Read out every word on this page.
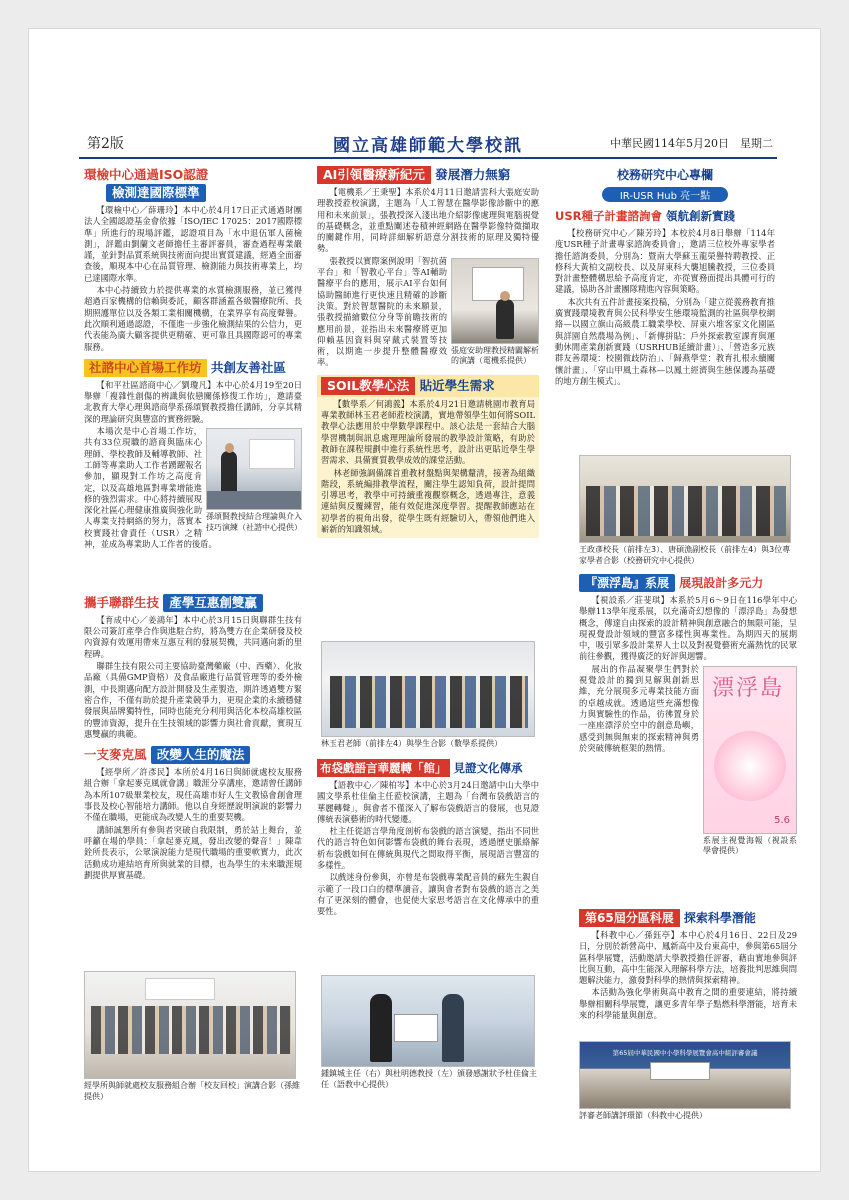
第2版	國立高雄師範大學校訊	中華民國114年5月20日　星期二
環檢中心通過ISO認證
檢測達國際標準

【環檢中心／薛珊玲】本中心於4月17日正式通過財團法人全國認證基金會依據「ISO/IEC 17025：2017國際標準」所進行的現場評鑑，認證項目為「水中退伍軍人菌檢測」，評鑑由劉蘭文老師擔任主審評審員，審查過程專業嚴謹，並針對品質系統與技術面向提出實質建議，經過全面審查後，順現本中心在品質管理、檢測能力與技術專業上，均已達國際水準。

本中心持續致力於提供專業的水質檢測服務，並已獲得超過百家機構的信賴與委託，顧客群涵蓋各級醫療院所、長期照護單位以及各類工業相關機構，在業界享有高度聲譽。此次順利通過認證，不僅進一步強化檢測結果的公信力，更代表能為廣大顧客提供更精確、更可靠且具國際認可的專業服務。

社諮中心首場工作坊 共創友善社區

【和平社區諮商中心／劉瓊凡】本中心於4月19至20日舉辦「複雜性創傷的辨識與依戀關係修復工作坊」，邀請臺北教育大學心理與諮商學系孫頌賢教授擔任講師，分享其精深的理論研究與豐富的實務經驗。

孫頌賢教授結合理論與介入技巧演練（社諮中心提供）

本場次是中心首場工作坊，共有33位現職的諮商與臨床心理師、學校教師及輔導教師、社工師等專業助人工作者踴躍報名參加，顯現對工作坊之高度肯定，以及高雄地區對專業增能進修的強烈需求。中心將持續展現深化社區心理健康推廣與強化助人專業支持網絡的努力，落實本校實踐社會責任（USR）之精神，並成為專業助人工作者的後盾。

攜手聯群生技 產學互惠創雙贏

【育成中心／姜鴻年】本中心於3月15日與聯群生技有限公司簽訂產學合作與進駐合約，將為雙方在企業研發及校內資源有效運用帶來互惠互利的發展契機，共同邁向新的里程碑。

聯群生技有限公司主要協助臺灣藥廠（中、西藥）、化妝品廠（具備GMP資格）及食品廠進行品質管理等的委外檢測，中長期邁向配方設計開發及生產製造，期許透過雙方緊密合作，不僅有助於提升產業競爭力，更現企業的永續穩健發展與品牌獨特性，同時也能充分利用與活化本校高雄校區的豐沛資源，提升在生技領域的影響力與社會貢獻，實現互惠雙贏的典範。

一支麥克風 改變人生的魔法

【經學所／許彥民】本所於4月16日與師就處校友服務組合辦「拿起麥克風就會講」職涯分享講座，邀請曾任講師為本所107級畢業校友，現任高雄市好人生文教協會創會理事長及校心智能培力講師。他以自身經歷說明演說的影響力不僅在職場，更能成為改變人生的重要契機。

講師誠懇所有參與者突破自我限制，勇於站上舞台，並呼籲在場的學員：「拿起麥克風，發出改變的聲音！」陳韋銓所長表示，公眾演說能力是現代職場的重要軟實力，此次活動成功連結培育所與就業的目標，也為學生的未來職涯規劃提供厚實基礎。

經學所與師就處校友服務組合辦「校友回校」演講合影（孫維提供）
AI引領醫療新紀元 發展潛力無窮

【電機系／王秉聖】本系於4月11日邀請雲科大張庭安助理教授蒞校演講，主題為「人工智慧在醫學影像診斷中的應用和未來前景」，張教授深入淺出地介紹影像處理與電腦視覺的基礎概念，並重點闡述卷積神經網路在醫學影像特徵擷取的關鍵作用，同時詳細解析語意分割技術的原理及獨特優勢。

張庭安助理教授精闢解析的演講（電機系提供）

張教授以實際案例說明「智抗菌平台」和「智教心平台」等AI輔助醫療平台的應用，展示AI平台如何協助醫師進行更快速且精確的診斷決策。對於智慧醫院的未來願景，張教授描繪數位分身等前瞻技術的應用前景，並指出未來醫療將更加仰賴基因資料與穿戴式裝置等技術，以期進一步提升整體醫療效率。

SOIL教學心法 貼近學生需求

【數學系／何鴻義】本系於4月21日邀請桃園市教育局專業教師林玉君老師蒞校演講，實地帶領學生如何將SOIL教學心法應用於中學數學課程中。該心法是一套結合大腦學習機制與訊息處理理論所發展的教學設計策略，有助於教師在課程規劃中進行系統性思考，設計出更貼近學生學習需求、具備實質教學成效的課堂活動。

林老師強調備課首重教材盤點與架構釐清，接著為組織階段，系統編排教學流程，關注學生認知負荷，設計提問引導思考，教學中可持續重複觀察概念，透過專注，意義連結與反覆練習，能有效促進深度學習。提醒教師應站在初學者的視角出發，從學生既有經驗切入，帶領他們進入嶄新的知識領域。

林玉君老師（前排左4）與學生合影（數學系提供）
布袋戲語言華麗轉「館」 見證文化傳承

【語教中心／陳柏岑】本中心於3月24日邀請中山大學中國文學系杜佳倫主任蒞校演講，主題為「台灣布袋戲語言的華麗轉聲」，與會者不僅深入了解布袋戲語言的發展，也見證傳統表演藝術的時代變遷。

杜主任從語言學角度剖析布袋戲的語言演變，指出不同世代的語言特色如何影響布袋戲的舞台表現，透過歷史脈絡解析布袋戲如何在傳統與現代之間取得平衡，展現語言豐富的多樣性。

以戲迷身份參與，亦曾是布袋戲專業配音員的蘇先生親自示範了一段口白的標準讀音，讓與會者對布袋戲的語言之美有了更深刻的體會，也促使大家思考語言在文化傳承中的重要性。

鍾鎮城主任（右）與杜明德教授（左）頒發感謝狀予杜佳倫主任（語教中心提供）
校務研究中心專欄
IR-USR Hub 亮一點
USR種子計畫諮詢會 領航創新實踐

【校務研究中心／陳芳玲】本校於4月8日舉辦「114年度USR種子計畫專家諮詢委員會」，邀請三位校外專家學者擔任諮詢委員，分別為：暨南大學蘇玉龍榮譽特聘教授、正修科大黃柏文副校長、以及屏東科大襲旭騰教授，三位委員對計畫整體構思給予高度肯定，亦從實務面提出具體可行的建議，協助各計畫團隊精進內容與策略。

本次共有五件計畫接案投稿，分別為「建立從義務教育推廣實踐環境教育與公民科學安生態環境監測的社區與學校網絡—以國立旗山高級農工職業學校、屏東六堆客家文化園區與詳園自然農場為例」、「新傳拼貼：戶外探索教室課育與運動休閒產業創新實踐（USRHUB延續計畫）」、「營造多元族群友善環境：校園微歧防治」、「歸燕學堂：教育扎根永續關懷計畫」、「穿山甲風土森林—以鳳土經濟與生態保護為基礎的地方創生模式」。

王政彥校長（前排左3）、唐碩漁副校長（前排左4）與3位專家學者合影（校務研究中心提供）
『漂浮島』系展 展現設計多元力

【視設系／莊斐琪】本系於5月6～9日在116學年中心舉辦113學年度系展，以充滿奇幻想像的「漂浮島」為發想概念，傳達自由探索的設計精神與創意融合的無限可能，呈現視覺設計領域的豐富多樣性與專業性。為期四天的展期中，吸引眾多設計業界人士以及對視覺藝術充滿熱忱的民眾前往參觀，獲得廣泛的好評與迴響。

漂浮島
5.6
系展主視覺海報（視設系學會提供）

展出的作品凝聚學生們對於視覺設計的獨到見解與創新思維，充分展現多元專業技能方面的卓越成就。透過這些充滿想像力與實驗性的作品，彷彿置身於一座座漂浮於空中的創意島嶼，感受到無與無束的探索精神與勇於突破傳統框架的熱情。

第65屆分區科展 探索科學潛能

【科教中心／孫鈺亭】本中心於4月16日、22日及29日，分別於新營高中、鳳新高中及台東高中，參與第65屆分區科學展覽，活動邀請大學教授擔任評審，藉由實地參與評比與互動，高中生能深入理解科學方法，培養批判思維與問題解決能力，激發對科學的熱情與探索精神。

本活動為強化學術與高中教育之間的重要連結，將持續舉辦相關科學展覽，讓更多青年學子點燃科學潛能，培育未來的科學能量與創意。

第65屆中華民國中小學科學展覽會高中組評審會議
評審老師講評環節（科教中心提供）
